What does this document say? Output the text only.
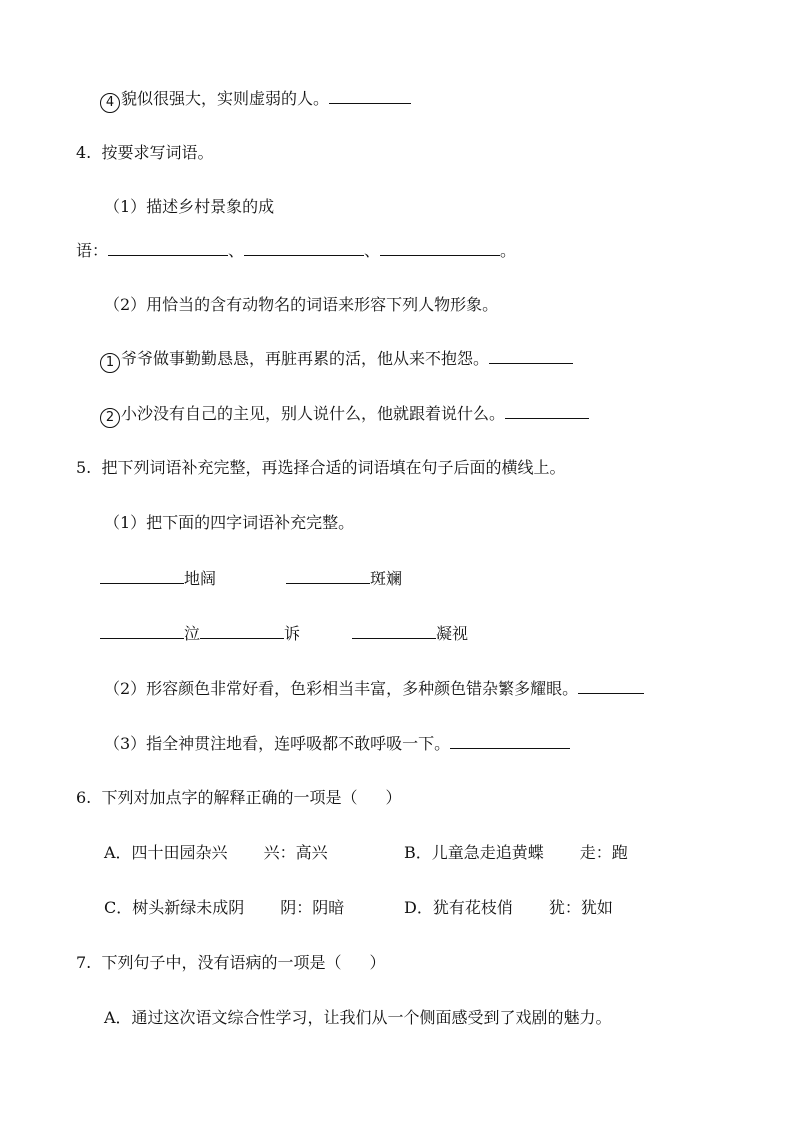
4 貌似很强大，实则虚弱的人。
4. 按要求写词语。
（1）描述乡村景象的成
语：	、	、	。
（2）用恰当的含有动物名的词语来形容下列人物形象。
1 爷爷做事勤勤恳恳，再脏再累的活，他从来不抱怨。
2 小沙没有自己的主见，别人说什么，他就跟着说什么。
5. 把下列词语补充完整，再选择合适的词语填在句子后面的横线上。
（1）把下面的四字词语补充完整。
地阔	斑斓
泣	诉	凝视
（2）形容颜色非常好看，色彩相当丰富，多种颜色错杂繁多耀眼。
（3）指全神贯注地看，连呼吸都不敢呼吸一下。
6. 下列对加点字的解释正确的一项是（ ）
A．四十田园杂兴 兴：高兴	B．儿童急走追黄蝶 走：跑
C．树头新绿未成阴 阴：阴暗	D．犹有花枝俏 犹：犹如
7. 下列句子中，没有语病的一项是（ ）
A．通过这次语文综合性学习，让我们从一个侧面感受到了戏剧的魅力。
